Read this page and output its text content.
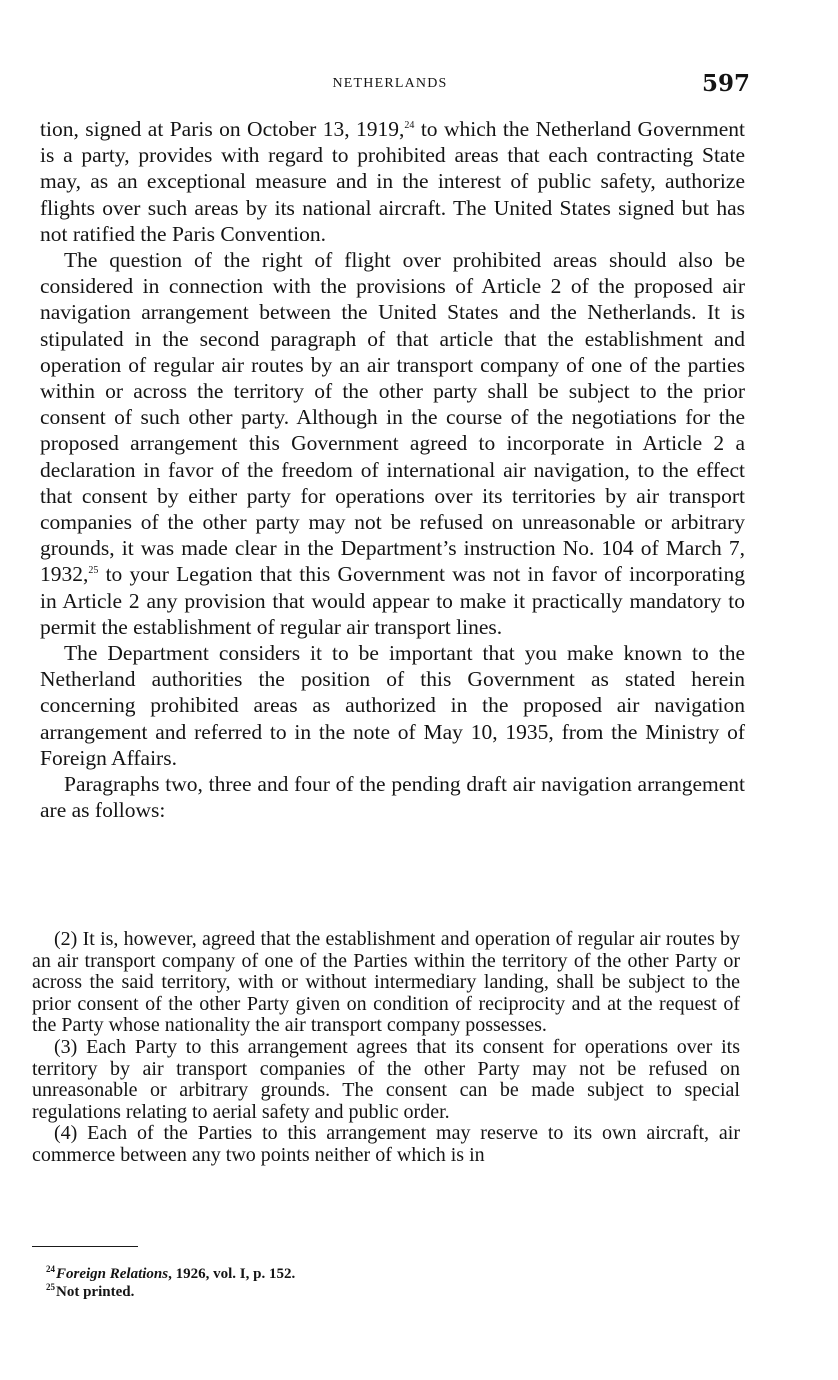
NETHERLANDS	597

tion, signed at Paris on October 13, 1919,24 to which the Netherland Government is a party, provides with regard to prohibited areas that each contracting State may, as an exceptional measure and in the interest of public safety, authorize flights over such areas by its national aircraft. The United States signed but has not ratified the Paris Convention.

The question of the right of flight over prohibited areas should also be considered in connection with the provisions of Article 2 of the proposed air navigation arrangement between the United States and the Netherlands. It is stipulated in the second paragraph of that article that the establishment and operation of regular air routes by an air transport company of one of the parties within or across the territory of the other party shall be subject to the prior consent of such other party. Although in the course of the negotiations for the proposed arrangement this Government agreed to incorporate in Article 2 a declaration in favor of the freedom of international air navigation, to the effect that consent by either party for operations over its territories by air transport companies of the other party may not be refused on unreasonable or arbitrary grounds, it was made clear in the Department’s instruction No. 104 of March 7, 1932,25 to your Legation that this Government was not in favor of incorporating in Article 2 any provision that would appear to make it practically mandatory to permit the establishment of regular air transport lines.

The Department considers it to be important that you make known to the Netherland authorities the position of this Government as stated herein concerning prohibited areas as authorized in the proposed air navigation arrangement and referred to in the note of May 10, 1935, from the Ministry of Foreign Affairs.

Paragraphs two, three and four of the pending draft air navigation arrangement are as follows:

(2) It is, however, agreed that the establishment and operation of regular air routes by an air transport company of one of the Parties within the territory of the other Party or across the said territory, with or without intermediary landing, shall be subject to the prior consent of the other Party given on condition of reciprocity and at the request of the Party whose nationality the air transport company possesses.

(3) Each Party to this arrangement agrees that its consent for operations over its territory by air transport companies of the other Party may not be refused on unreasonable or arbitrary grounds. The consent can be made subject to special regulations relating to aerial safety and public order.

(4) Each of the Parties to this arrangement may reserve to its own aircraft, air commerce between any two points neither of which is in

$^{24}$Foreign Relations, 1926, vol. I, p. 152.
$^{25}$Not printed.
